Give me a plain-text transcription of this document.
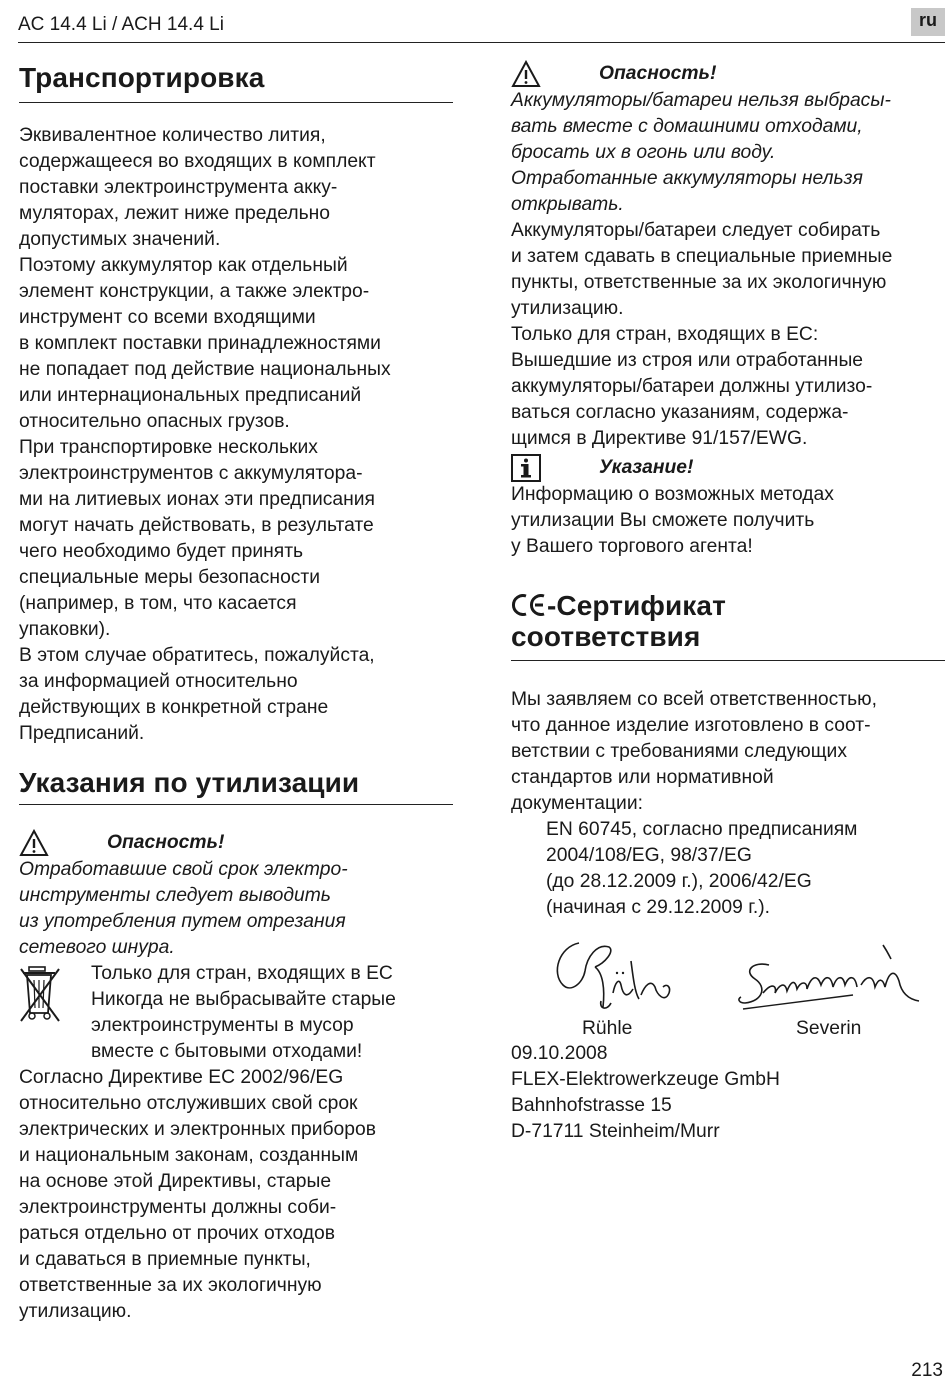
AC 14.4 Li / ACH 14.4 Li	ru
Транспортировка

Эквивалентное количество лития,
содержащееся во входящих в комплект
поставки электроинструмента акку-
муляторах, лежит ниже предельно
допустимых значений.

Поэтому аккумулятор как отдельный
элемент конструкции, а также электро-
инструмент со всеми входящими
в комплект поставки принадлежностями
не попадает под действие национальных
или интернациональных предписаний
относительно опасных грузов.

При транспортировке нескольких
электроинструментов с аккумулятора-
ми на литиевых ионах эти предписания
могут начать действовать, в результате
чего необходимо будет принять
специальные меры безопасности
(например, в том, что касается
упаковки).

В этом случае обратитесь, пожалуйста,
за информацией относительно
действующих в конкретной стране
Предписаний.

Указания по утилизации
Опасность!

Отработавшие свой срок электро-
инструменты следует выводить
из употребления путем отрезания
сетевого шнура.

Только для стран, входящих в ЕС
Никогда не выбрасывайте старые
электроинструменты в мусор
вместе с бытовыми отходами!

Согласно Директиве ЕС 2002/96/EG
относительно отслуживших свой срок
электрических и электронных приборов
и национальным законам, созданным
на основе этой Директивы, старые
электроинструменты должны соби-
раться отдельно от прочих отходов
и сдаваться в приемные пункты,
ответственные за их экологичную
утилизацию.

Опасность!

Аккумуляторы/батареи нельзя выбрасы-
вать вместе с домашними отходами,
бросать их в огонь или воду.
Отработанные аккумуляторы нельзя
открывать.

Аккумуляторы/батареи следует собирать
и затем сдавать в специальные приемные
пункты, ответственные за их экологичную
утилизацию.

Только для стран, входящих в ЕС:
Вышедшие из строя или отработанные
аккумуляторы/батареи должны утилизо-
ваться согласно указаниям, содержа-
щимся в Директиве 91/157/EWG.

Указание!

Информацию о возможных методах
утилизации Вы сможете получить
у Вашего торгового агента!

-Сертификат
соответствия

Мы заявляем со всей ответственностью,
что данное изделие изготовлено в соот-
ветствии с требованиями следующих
стандартов или нормативной
документации:

EN 60745, согласно предписаниям
2004/108/EG, 98/37/EG
(до 28.12.2009 г.), 2006/42/EG
(начиная с 29.12.2009 г.).

Rühle	Severin

09.10.2008

FLEX-Elektrowerkzeuge GmbH

Bahnhofstrasse 15

D-71711 Steinheim/Murr

213
